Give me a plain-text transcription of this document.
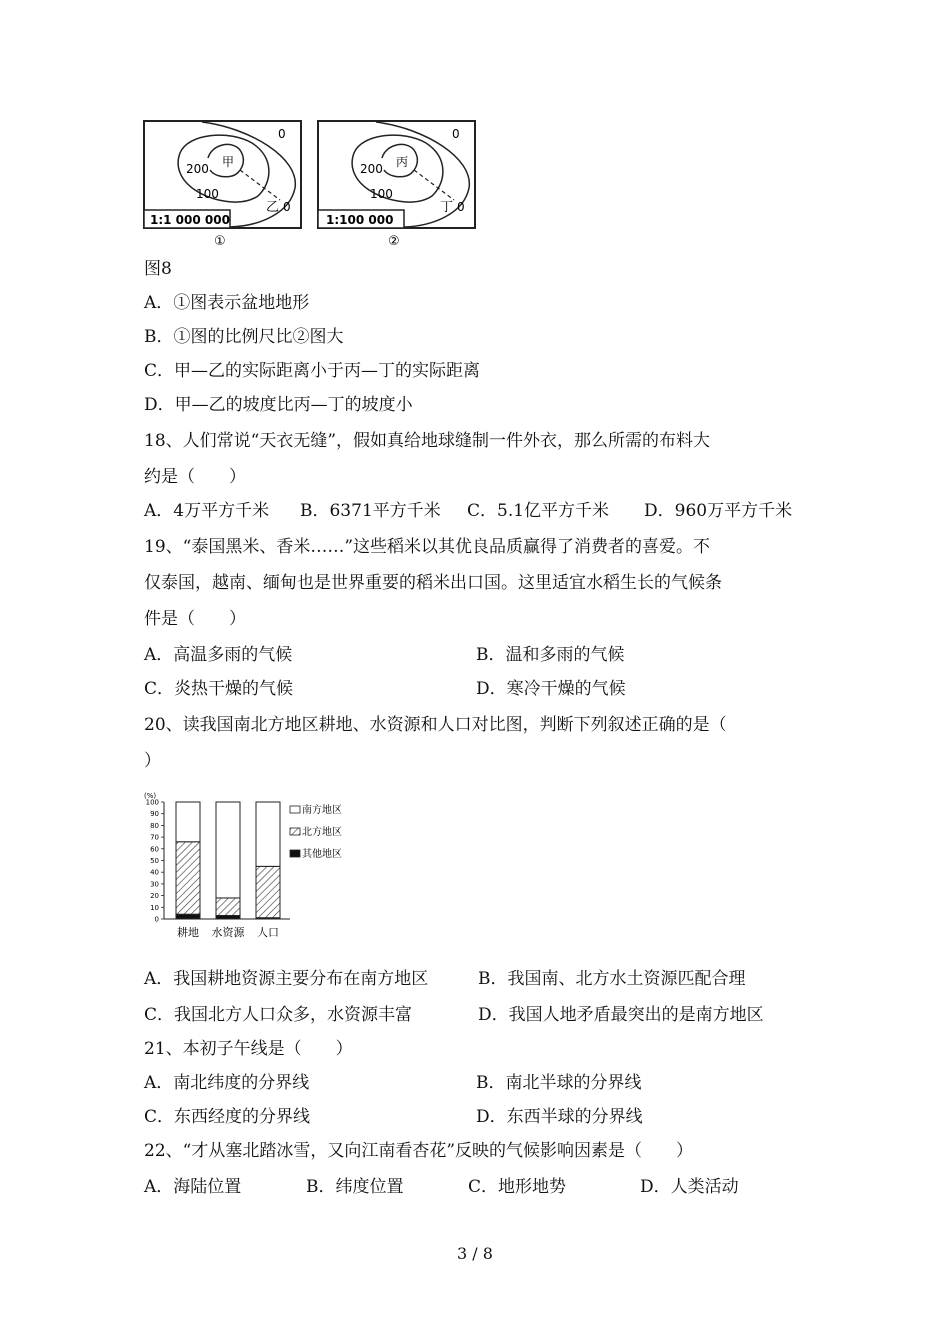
0
200
100
甲
乙 0
1:1 000 000
①
0
200
100
丙
丁 0
1:100 000
②
图8
A．①图表示盆地地形
B．①图的比例尺比②图大
C．甲—乙的实际距离小于丙—丁的实际距离
D．甲—乙的坡度比丙—丁的坡度小
18、人们常说“天衣无缝”，假如真给地球缝制一件外衣，那么所需的布料大
约是（　　）
A．4万平方千米 B．6371平方千米 C．5.1亿平方千米 D．960万平方千米
19、“泰国黑米、香米……”这些稻米以其优良品质赢得了消费者的喜爱。不
仅泰国，越南、缅甸也是世界重要的稻米出口国。这里适宜水稻生长的气候条
件是（　　）
A．高温多雨的气候	B．温和多雨的气候
C．炎热干燥的气候	D．寒冷干燥的气候
20、读我国南北方地区耕地、水资源和人口对比图，判断下列叙述正确的是（
）
(%)
0
10
20
30
40
50
60
70
80
90
100
耕地 水资源 人口
南方地区
北方地区
其他地区
A．我国耕地资源主要分布在南方地区	B．我国南、北方水土资源匹配合理
C．我国北方人口众多，水资源丰富	D．我国人地矛盾最突出的是南方地区
21、本初子午线是（　　）
A．南北纬度的分界线	B．南北半球的分界线
C．东西经度的分界线	D．东西半球的分界线
22、“才从塞北踏冰雪，又向江南看杏花”反映的气候影响因素是（　　）
A．海陆位置	B．纬度位置	C．地形地势	D．人类活动
3 / 8
